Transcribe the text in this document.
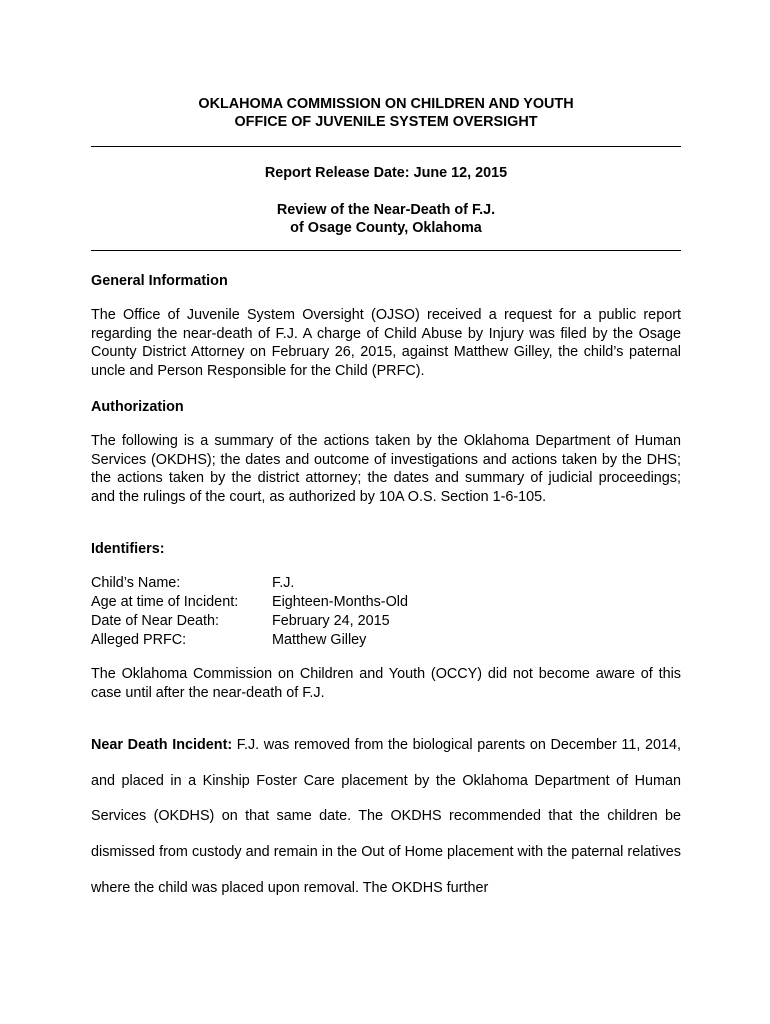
OKLAHOMA COMMISSION ON CHILDREN AND YOUTH
OFFICE OF JUVENILE SYSTEM OVERSIGHT
Report Release Date: June 12, 2015
Review of the Near-Death of F.J.
of Osage County, Oklahoma
General Information
The Office of Juvenile System Oversight (OJSO) received a request for a public report regarding the near-death of F.J. A charge of Child Abuse by Injury was filed by the Osage County District Attorney on February 26, 2015, against Matthew Gilley, the child’s paternal uncle and Person Responsible for the Child (PRFC).
Authorization
The following is a summary of the actions taken by the Oklahoma Department of Human Services (OKDHS); the dates and outcome of investigations and actions taken by the DHS; the actions taken by the district attorney; the dates and summary of judicial proceedings; and the rulings of the court, as authorized by 10A O.S. Section 1-6-105.
Identifiers:
Child’s Name:	F.J.
Age at time of Incident:	Eighteen-Months-Old
Date of Near Death:	February 24, 2015
Alleged PRFC:	Matthew Gilley
The Oklahoma Commission on Children and Youth (OCCY) did not become aware of this case until after the near-death of F.J.
Near Death Incident: F.J. was removed from the biological parents on December 11, 2014, and placed in a Kinship Foster Care placement by the Oklahoma Department of Human Services (OKDHS) on that same date. The OKDHS recommended that the children be dismissed from custody and remain in the Out of Home placement with the paternal relatives where the child was placed upon removal. The OKDHS further
